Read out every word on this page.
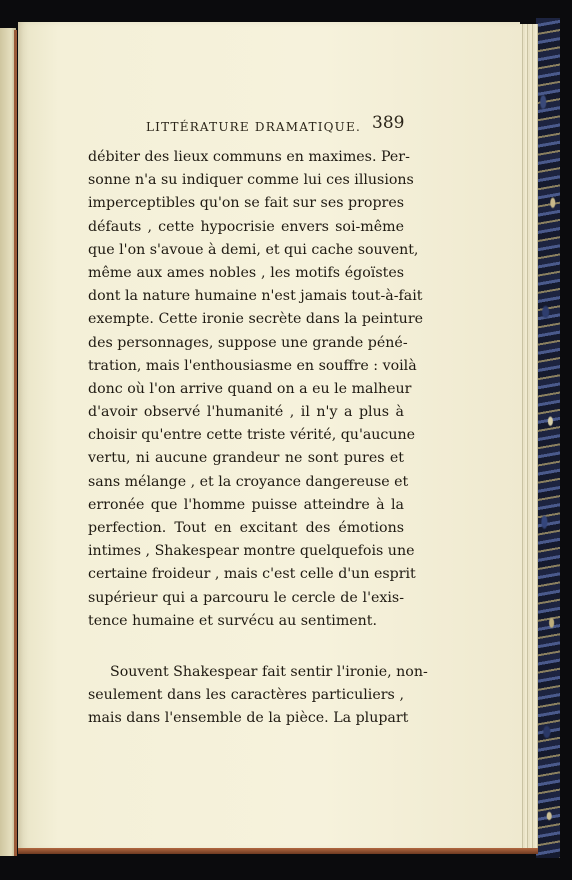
LITTÉRATURE DRAMATIQUE. 389
débiter des lieux communs en maximes. Per-
sonne n'a su indiquer comme lui ces illusions
imperceptibles qu'on se fait sur ses propres
défauts , cette hypocrisie envers soi-même
que l'on s'avoue à demi, et qui cache souvent,
même aux ames nobles , les motifs égoïstes
dont la nature humaine n'est jamais tout-à-fait
exempte. Cette ironie secrète dans la peinture
des personnages, suppose une grande péné-
tration, mais l'enthousiasme en souffre : voilà
donc où l'on arrive quand on a eu le malheur
d'avoir observé l'humanité , il n'y a plus à
choisir qu'entre cette triste vérité, qu'aucune
vertu, ni aucune grandeur ne sont pures et
sans mélange , et la croyance dangereuse et
erronée que l'homme puisse atteindre à la
perfection. Tout en excitant des émotions
intimes , Shakespear montre quelquefois une
certaine froideur , mais c'est celle d'un esprit
supérieur qui a parcouru le cercle de l'exis-
tence humaine et survécu au sentiment.
Souvent Shakespear fait sentir l'ironie, non-
seulement dans les caractères particuliers ,
mais dans l'ensemble de la pièce. La plupart
